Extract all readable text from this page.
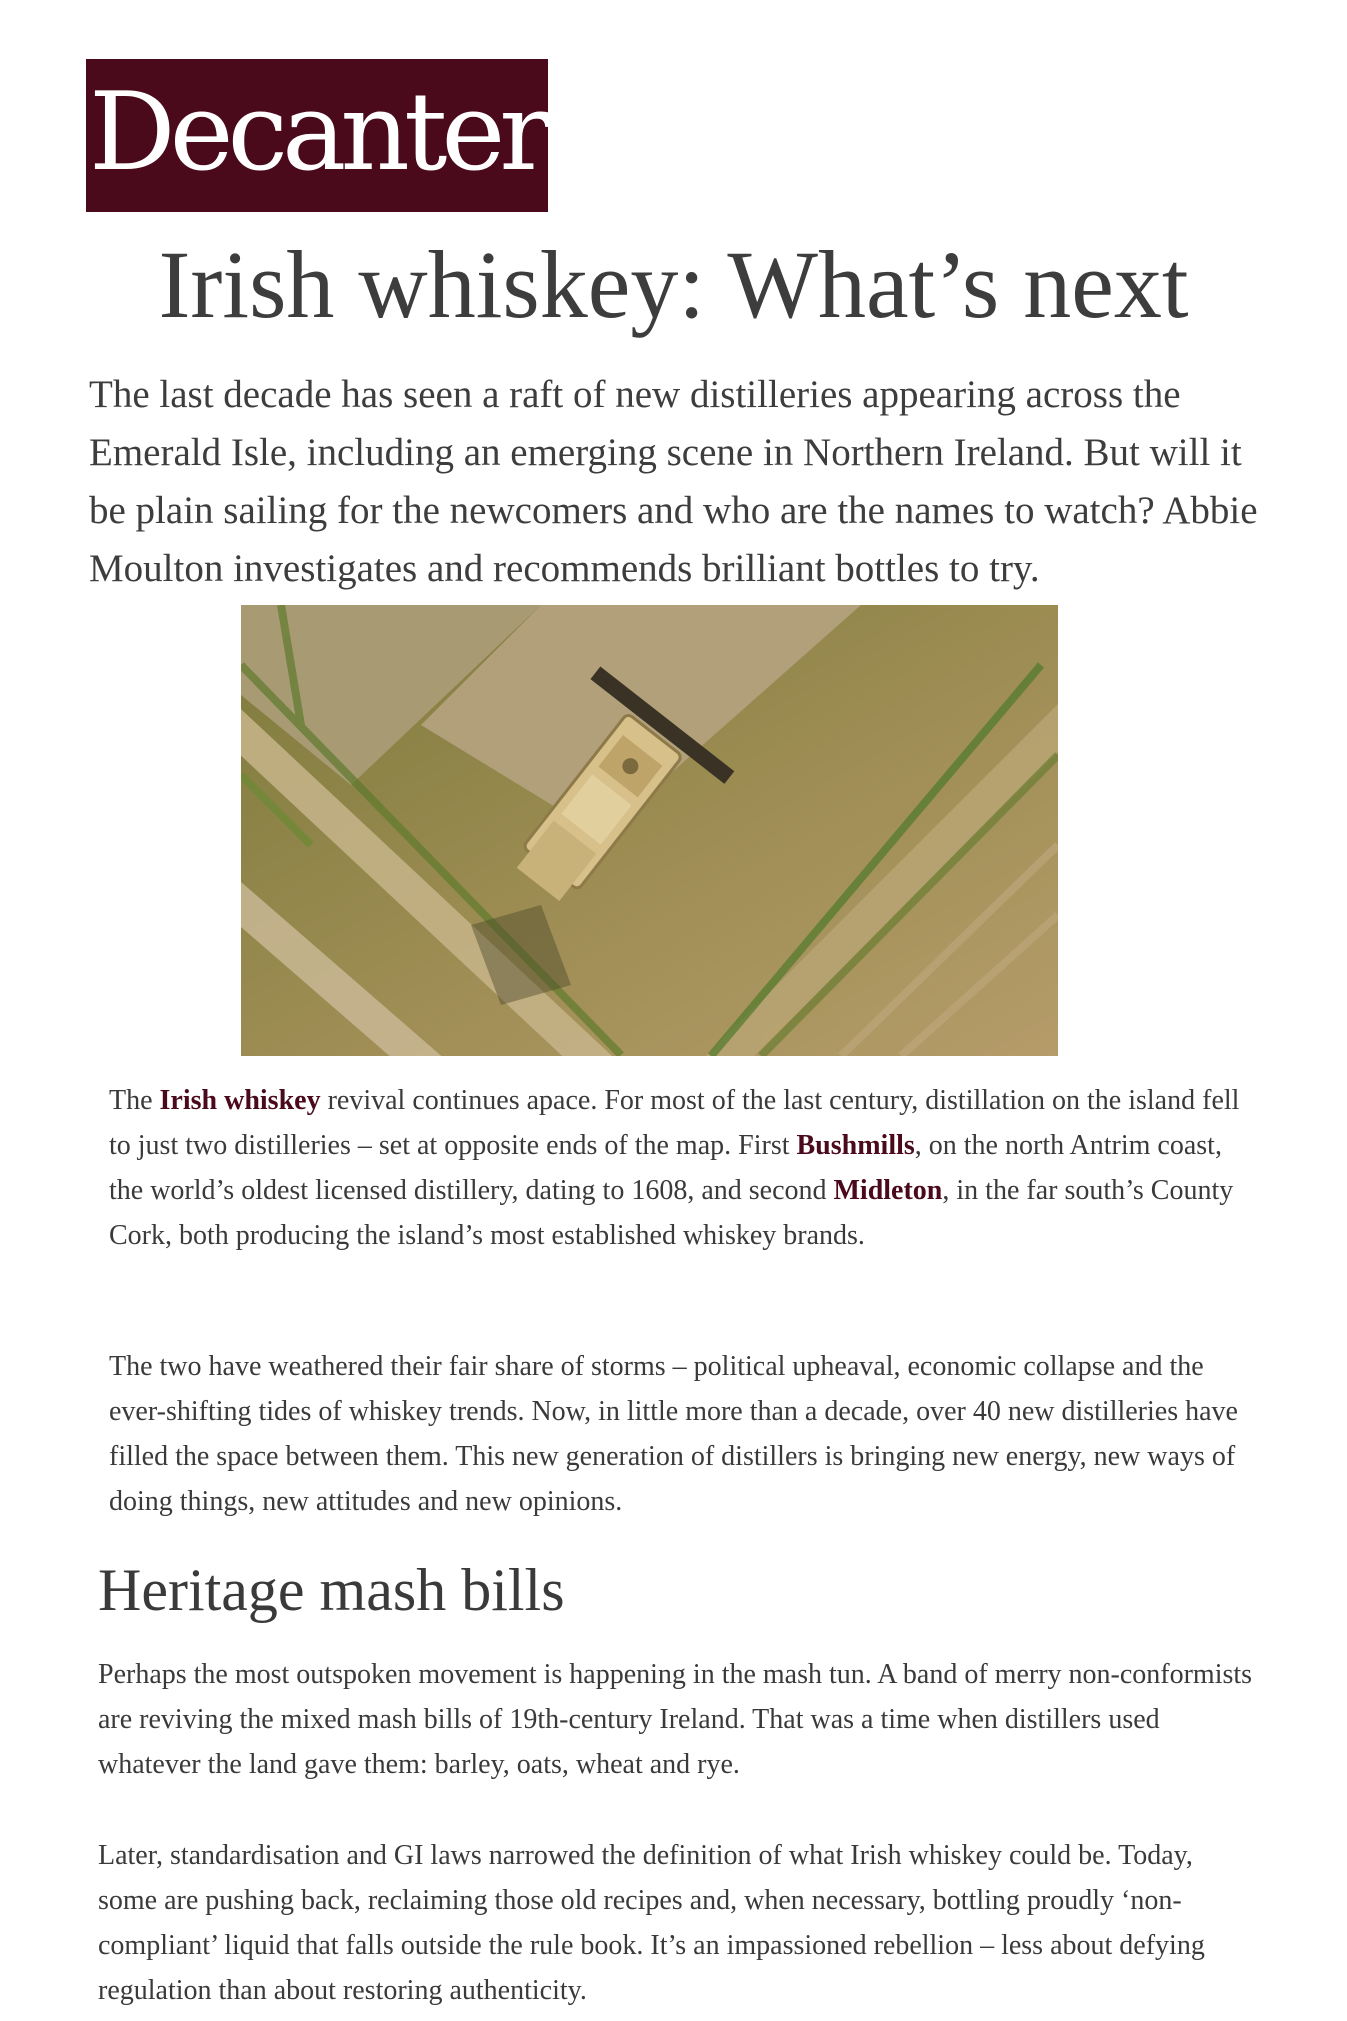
Decanter
Irish whiskey: What’s next

The last decade has seen a raft of new distilleries appearing across the Emerald Isle, including an emerging scene in Northern Ireland. But will it be plain sailing for the newcomers and who are the names to watch? Abbie Moulton investigates and recommends brilliant bottles to try.

The Irish whiskey revival continues apace. For most of the last century, distillation on the island fell to just two distilleries – set at opposite ends of the map. First Bushmills, on the north Antrim coast, the world’s oldest licensed distillery, dating to 1608, and second Midleton, in the far south’s County Cork, both producing the island’s most established whiskey brands.

The two have weathered their fair share of storms – political upheaval, economic collapse and the ever-shifting tides of whiskey trends. Now, in little more than a decade, over 40 new distilleries have filled the space between them. This new generation of distillers is bringing new energy, new ways of doing things, new attitudes and new opinions.

Heritage mash bills

Perhaps the most outspoken movement is happening in the mash tun. A band of merry non-conformists are reviving the mixed mash bills of 19th-century Ireland. That was a time when distillers used whatever the land gave them: barley, oats, wheat and rye.

Later, standardisation and GI laws narrowed the definition of what Irish whiskey could be. Today, some are pushing back, reclaiming those old recipes and, when necessary, bottling proudly ‘non-compliant’ liquid that falls outside the rule book. It’s an impassioned rebellion – less about defying regulation than about restoring authenticity.
